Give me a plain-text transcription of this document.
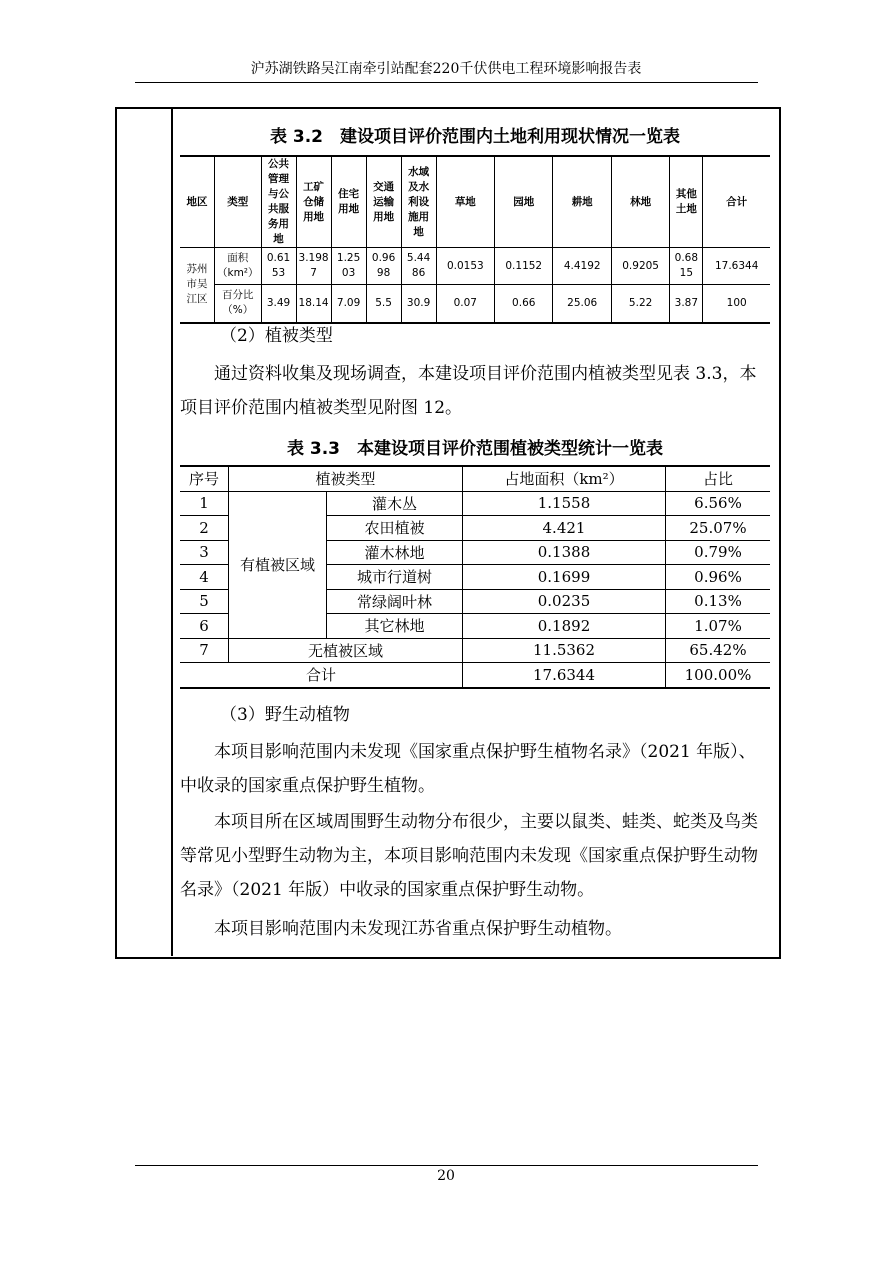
沪苏湖铁路吴江南牵引站配套220千伏供电工程环境影响报告表

表 3.2　建设项目评价范围内土地利用现状情况一览表

地区	类型	公共管理与公共服务用地	工矿仓储用地	住宅用地	交通运输用地	水域及水利设施用地	草地	园地	耕地	林地	其他土地	合计
苏州市吴江区	面积（km²）	0.6153	3.1987	1.2503	0.9698	5.4486	0.0153	0.1152	4.4192	0.9205	0.6815	17.6344
	百分比（%）	3.49	18.14	7.09	5.5	30.9	0.07	0.66	25.06	5.22	3.87	100
（2）植被类型
通过资料收集及现场调查，本建设项目评价范围内植被类型见表 3.3，本项目评价范围内植被类型见附图 12。

表 3.3　本建设项目评价范围植被类型统计一览表

序号	植被类型		占地面积（km²）	占比
1	有植被区域	灌木丛	1.1558	6.56%
2		农田植被	4.421	25.07%
3		灌木林地	0.1388	0.79%
4		城市行道树	0.1699	0.96%
5		常绿阔叶林	0.0235	0.13%
6		其它林地	0.1892	1.07%
7	无植被区域		11.5362	65.42%
合计			17.6344	100.00%
（3）野生动植物
本项目影响范围内未发现《国家重点保护野生植物名录》（2021 年版）、中收录的国家重点保护野生植物。
本项目所在区域周围野生动物分布很少，主要以鼠类、蛙类、蛇类及鸟类等常见小型野生动物为主，本项目影响范围内未发现《国家重点保护野生动物名录》（2021 年版）中收录的国家重点保护野生动物。
本项目影响范围内未发现江苏省重点保护野生动植物。
20
